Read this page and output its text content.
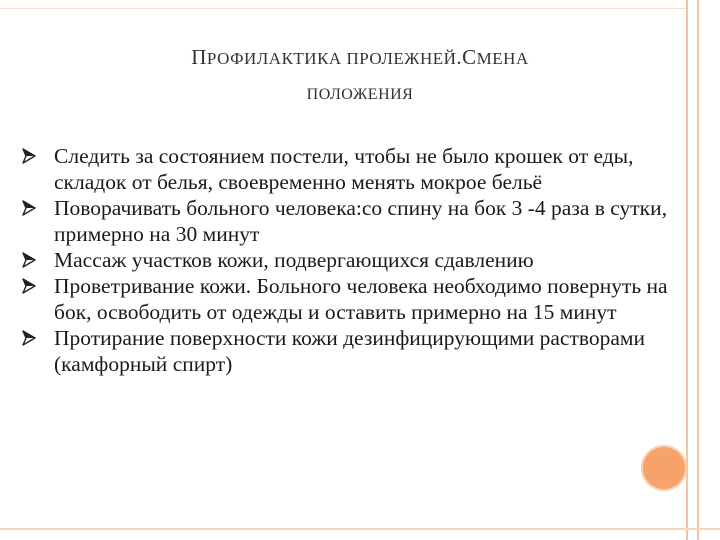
ПРОФИЛАКТИКА ПРОЛЕЖНЕЙ.СМЕНА
ПОЛОЖЕНИЯ
Следить за состоянием постели, чтобы не было крошек от еды, складок от белья, своевременно менять мокрое бельё
Поворачивать больного человека:со спину на бок 3 -4 раза в сутки, примерно на 30 минут
Массаж участков кожи, подвергающихся сдавлению
Проветривание кожи. Больного человека необходимо повернуть на бок, освободить от одежды и оставить примерно на 15 минут
Протирание поверхности кожи дезинфицирующими растворами (камфорный спирт)
